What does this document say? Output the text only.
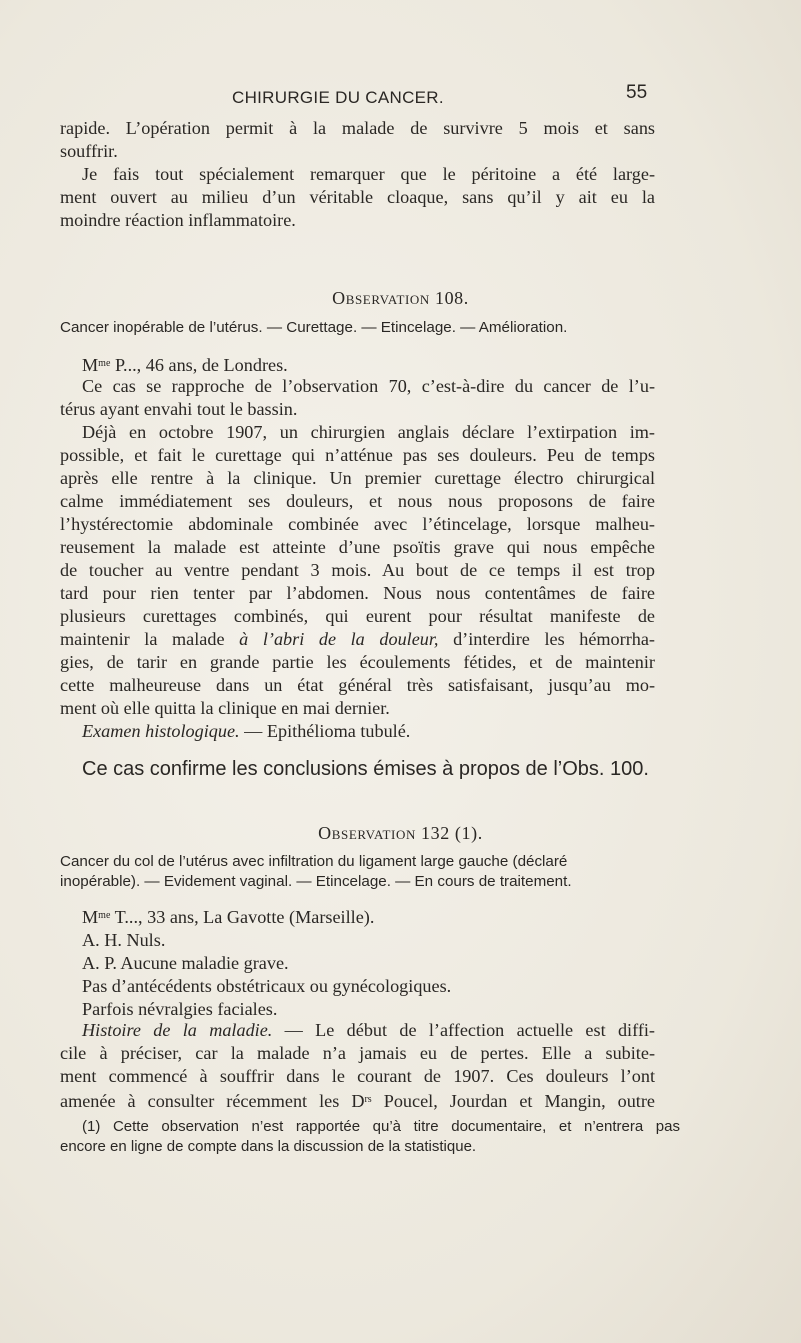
CHIRURGIE DU CANCER.	55
rapide. L’opération permit à la malade de survivre 5 mois et sans
souffrir.
Je fais tout spécialement remarquer que le péritoine a été large-
ment ouvert au milieu d’un véritable cloaque, sans qu’il y ait eu la
moindre réaction inflammatoire.
Observation 108.
Cancer inopérable de l’utérus. — Curettage. — Etincelage. — Amélioration.
$M^{me}$ P..., 46 ans, de Londres.
Ce cas se rapproche de l’observation 70, c’est-à-dire du cancer de l’u-
térus ayant envahi tout le bassin.
Déjà en octobre 1907, un chirurgien anglais déclare l’extirpation im-
possible, et fait le curettage qui n’atténue pas ses douleurs. Peu de temps
après elle rentre à la clinique. Un premier curettage électro chirurgical
calme immédiatement ses douleurs, et nous nous proposons de faire
l’hystérectomie abdominale combinée avec l’étincelage, lorsque malheu-
reusement la malade est atteinte d’une psoïtis grave qui nous empêche
de toucher au ventre pendant 3 mois. Au bout de ce temps il est trop
tard pour rien tenter par l’abdomen. Nous nous contentâmes de faire
plusieurs curettages combinés, qui eurent pour résultat manifeste de
maintenir la malade à l’abri de la douleur, d’interdire les hémorrha-
gies, de tarir en grande partie les écoulements fétides, et de maintenir
cette malheureuse dans un état général très satisfaisant, jusqu’au mo-
ment où elle quitta la clinique en mai dernier.
Examen histologique. — Epithélioma tubulé.
Ce cas confirme les conclusions émises à propos de l’Obs. 100.
Observation 132 (1).
Cancer du col de l’utérus avec infiltration du ligament large gauche (déclaré
inopérable). — Evidement vaginal. — Etincelage. — En cours de traitement.
$M^{me}$ T..., 33 ans, La Gavotte (Marseille).
A. H. Nuls.
A. P. Aucune maladie grave.
Pas d’antécédents obstétricaux ou gynécologiques.
Parfois névralgies faciales.
Histoire de la maladie. — Le début de l’affection actuelle est diffi-
cile à préciser, car la malade n’a jamais eu de pertes. Elle a subite-
ment commencé à souffrir dans le courant de 1907. Ces douleurs l’ont
amenée à consulter récemment les $D^{rs}$ Poucel, Jourdan et Mangin, outre
(1) Cette observation n’est rapportée qu’à titre documentaire, et n’entrera pas
encore en ligne de compte dans la discussion de la statistique.
